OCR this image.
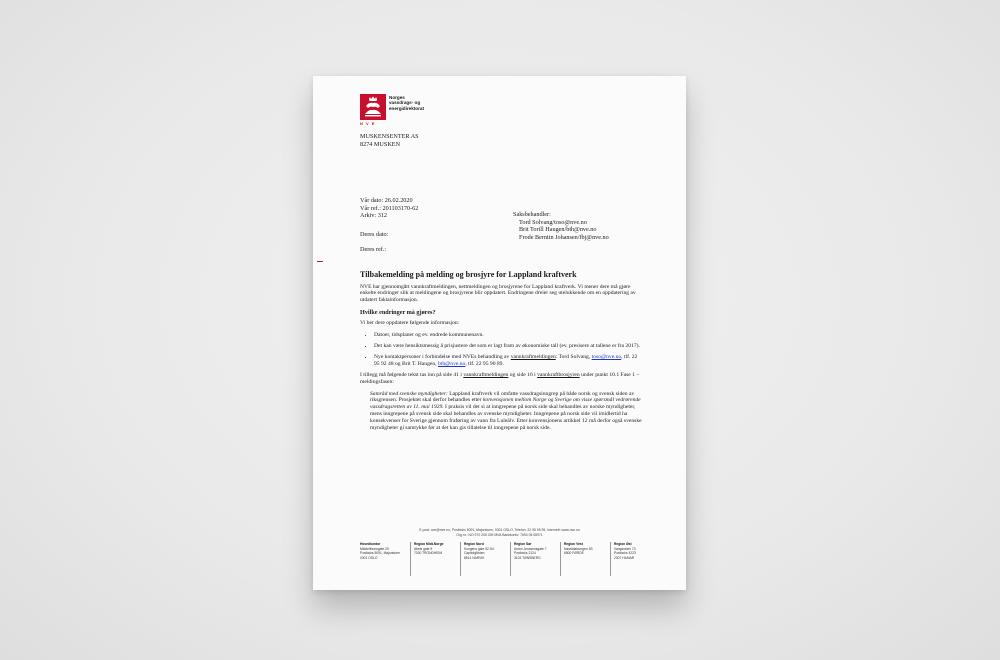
Norges
vassdrags- og
energidirektorat
N V E
MUSKENSENTER AS
8274 MUSKEN
Vår dato: 26.02.2020
Vår ref.: 201103170-62
Arkiv: 312
Deres dato:
Deres ref.:
Saksbehandler:
Tord Solvang/toso@nve.no
Brit Torill Haugen/bth@nve.no
Frode Berntin Johansen/fbj@nve.no
Tilbakemelding på melding og brosjyre for Lappland kraftverk

NVE har gjennomgått vannkraftmeldingen, nettmeldingen og brosjyrene for Lappland kraftverk. Vi mener dere må gjøre enkelte endringer slik at meldingene og brosjyrene blir oppdatert. Endringene dreier seg utelukkende om en oppdatering av utdatert faktainformasjon.

Hvilke endringer må gjøres?

Vi ber dere oppdatere følgende informasjon:

• Datoer, tidsplaner og ev. endrede kommunenavn.
• Det kan være hensiktsmessig å prisjustere det som er lagt fram av økonomiske tall (ev. presisere at tallene er fra 2017).
• Nye kontaktpersoner i forbindelse med NVEs behandling av vannkraftmeldingen: Tord Solvang, toso@nve.no, tlf. 22 95 92 48 og Brit T. Haugen, bth@nve.no, tlf. 22 95 90 89.

I tillegg må følgende tekst tas inn på side 41 i vannkraftmeldingen og side 16 i vannkraftbrosjyren under punkt 10.1 Fase 1 – meldingsfasen:

Samråd med svenske myndigheter: Lappland kraftverk vil omfatte vassdragsinngrep på både norsk og svensk siden av riksgrensen. Prosjektet skal derfor behandles etter konvensjonen mellom Norge og Sverige om visse spørsmål vedrørende vassdragsretten av 11. mai 1929. I praksis vil det si at inngrepene på norsk side skal behandles av norske myndigheter, mens inngrepene på svensk side skal behandles av svenske myndigheter. Inngrepene på norsk side vil imidlertid ha konsekvenser for Sverige gjennom fraføring av vann fra Luleälv. Etter konvensjonens artikkel 12 må derfor også svenske myndigheter gi samtykke før at det kan gis tillatelse til inngrepene på norsk side.

E-post: nve@nve.no, Postboks 5091, Majorstuen, 0301 OSLO, Telefon: 22 95 95 95, Internett: www.nve.no
Org.nr.: NO 970 205 039 MVA Bankkonto: 7694 05 08971
Hovedkontor
Middelthunsgate 29
Postboks 5091, Majorstuen
0301 OSLO
Region Midt-Norge
Abels gate 9
7030 TRONDHEIM
Region Nord
Kongens gate 52-54
Capitolgården
8514 NARVIK
Region Sør
Anton Jenssensgate 7
Postboks 2124
3103 TØNSBERG
Region Vest
Naustdalsvegen 1B
6800 FØRDE
Region Øst
Vangsveien 73
Postboks 4223
2307 HAMAR
